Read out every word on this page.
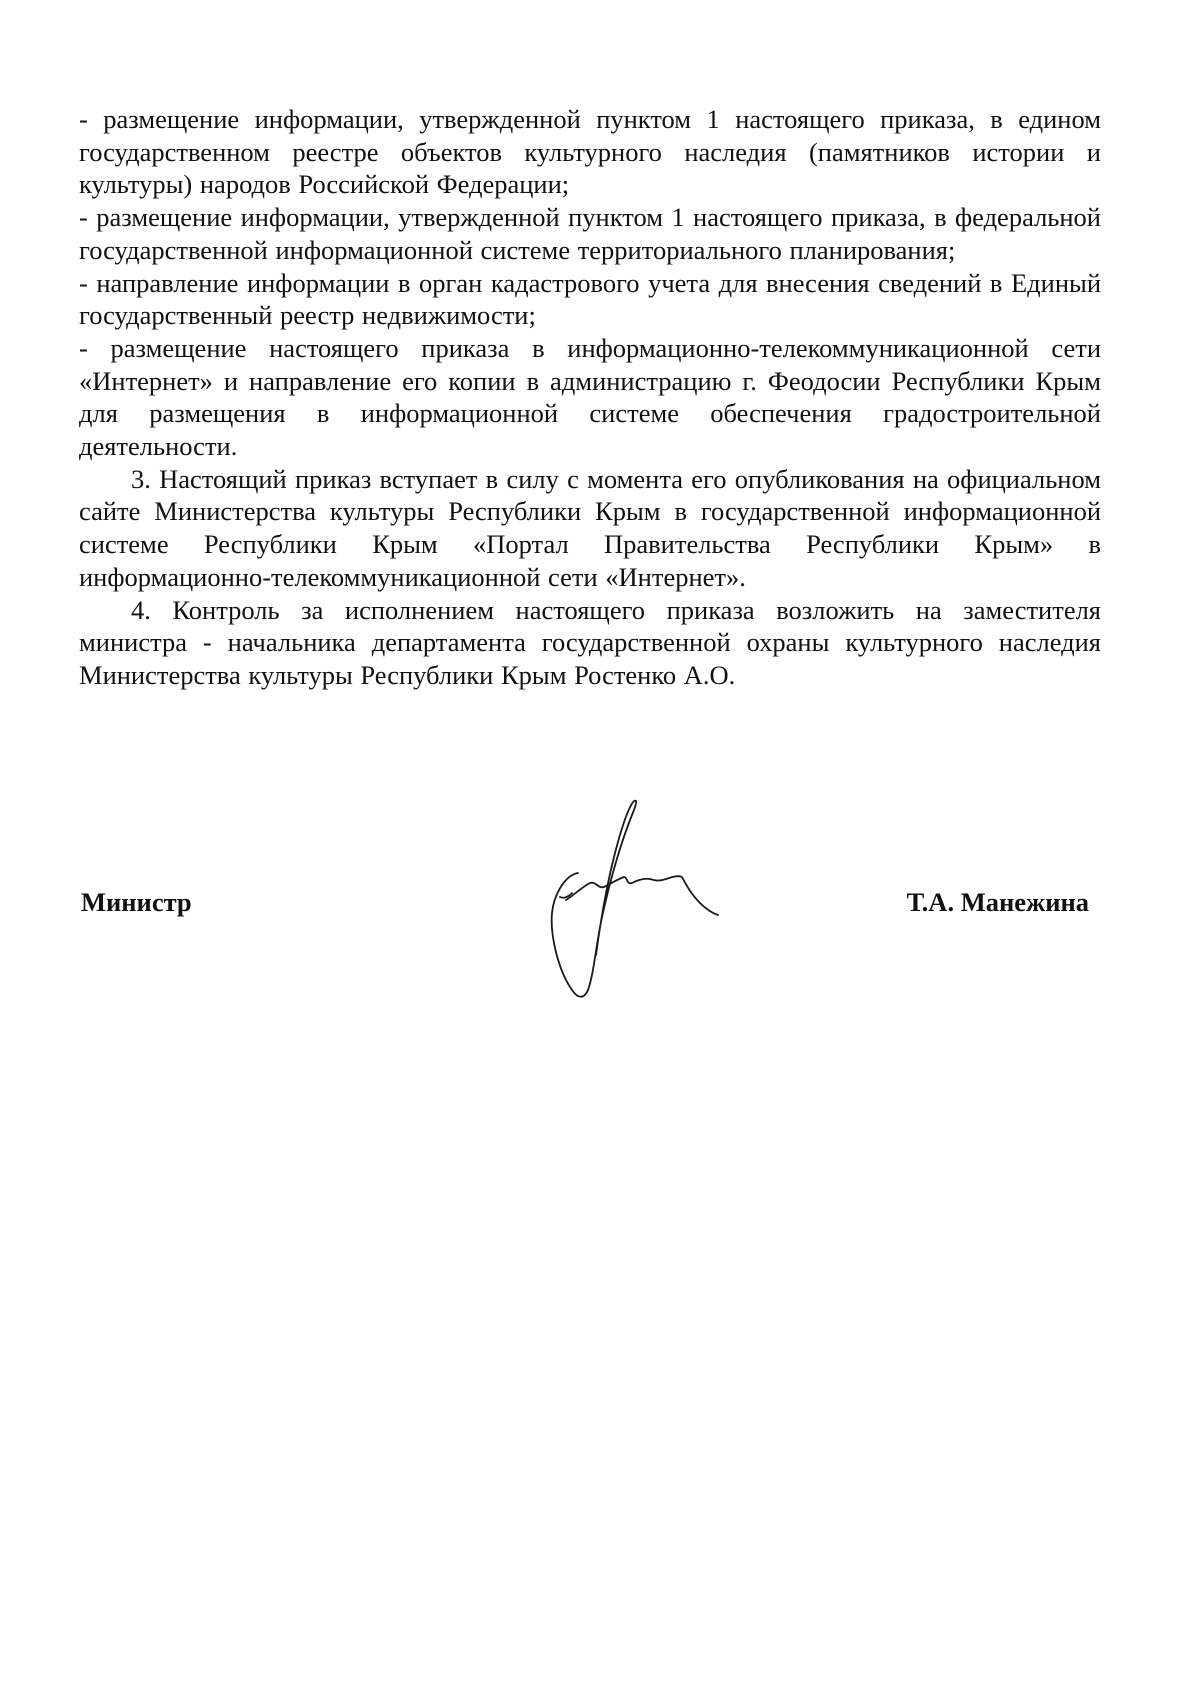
- размещение информации, утвержденной пунктом 1 настоящего приказа, в едином государственном реестре объектов культурного наследия (памятников истории и культуры) народов Российской Федерации;

- размещение информации, утвержденной пунктом 1 настоящего приказа, в федеральной государственной информационной системе территориального планирования;

- направление информации в орган кадастрового учета для внесения сведений в Единый государственный реестр недвижимости;

- размещение настоящего приказа в информационно-телекоммуникационной сети «Интернет» и направление его копии в администрацию г. Феодосии Республики Крым для размещения в информационной системе обеспечения градостроительной деятельности.

3. Настоящий приказ вступает в силу с момента его опубликования на официальном сайте Министерства культуры Республики Крым в государственной информационной системе Республики Крым «Портал Правительства Республики Крым» в информационно-телекоммуникационной сети «Интернет».

4. Контроль за исполнением настоящего приказа возложить на заместителя министра - начальника департамента государственной охраны культурного наследия Министерства культуры Республики Крым Ростенко А.О.

Министр	Т.А. Манежина
